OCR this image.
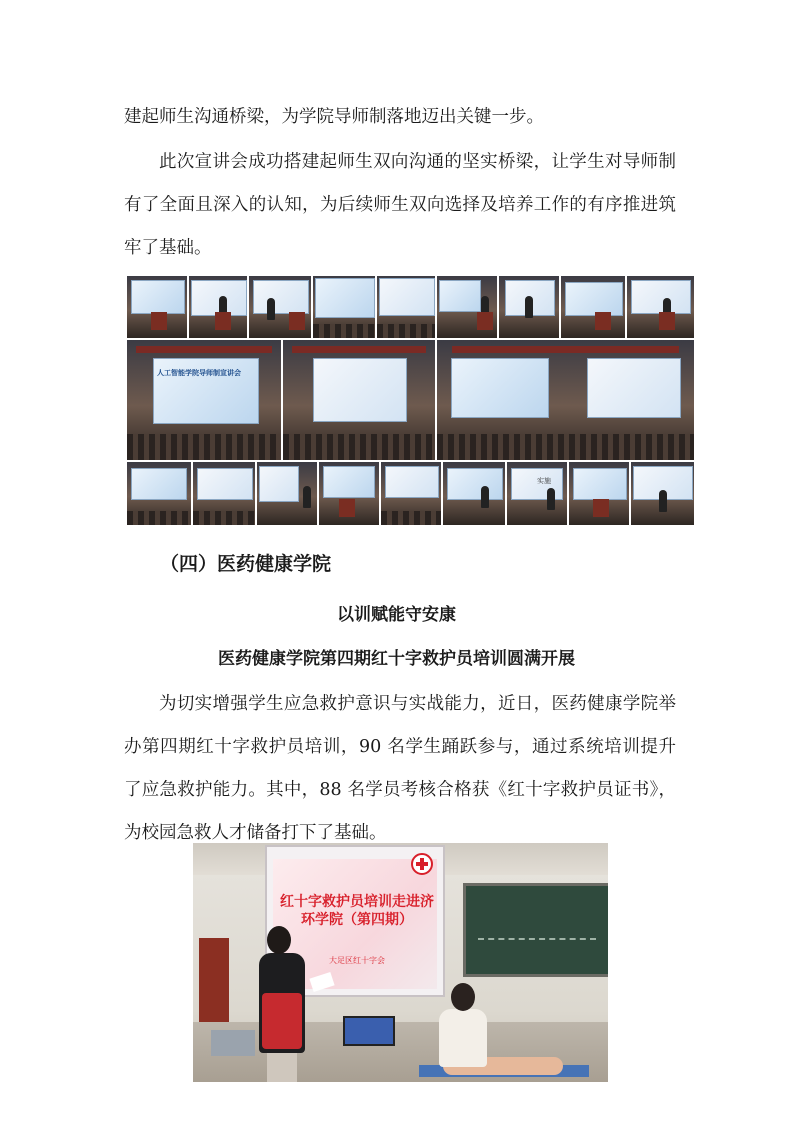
建起师生沟通桥梁，为学院导师制落地迈出关键一步。

此次宣讲会成功搭建起师生双向沟通的坚实桥梁，让学生对导师制有了全面且深入的认知，为后续师生双向选择及培养工作的有序推进筑牢了基础。

人工智能学院导师制宣讲会
实施
（四）医药健康学院
以训赋能守安康
医药健康学院第四期红十字救护员培训圆满开展

为切实增强学生应急救护意识与实战能力，近日，医药健康学院举办第四期红十字救护员培训，90 名学生踊跃参与，通过系统培训提升了应急救护能力。其中，88 名学员考核合格获《红十字救护员证书》，为校园急救人才储备打下了基础。

红十字救护员培训走进济环学院（第四期）
大足区红十字会
